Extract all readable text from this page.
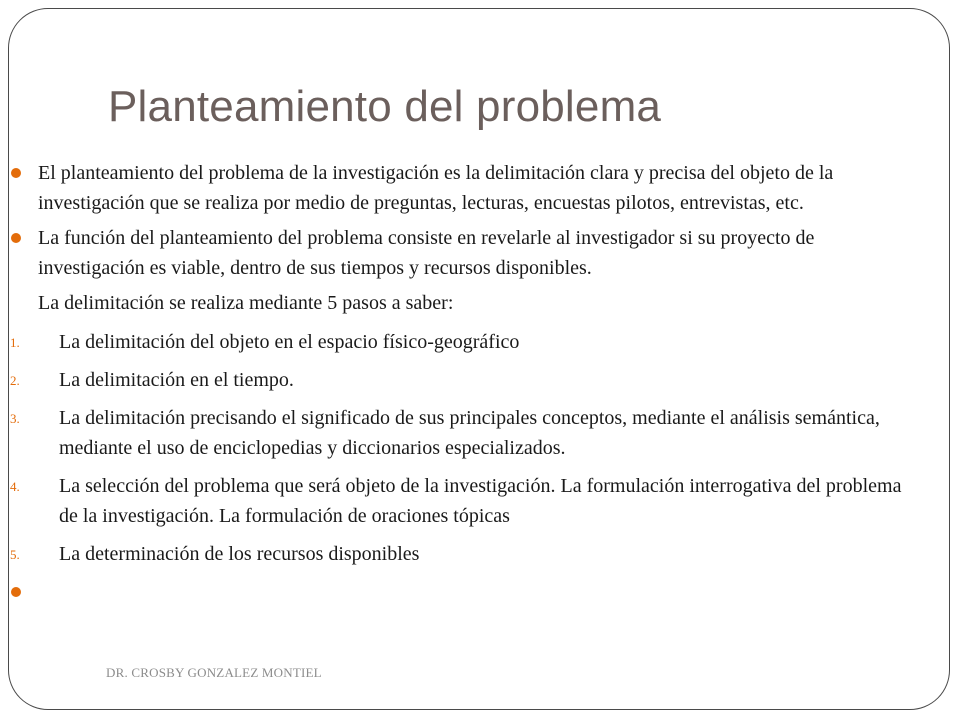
Planteamiento del problema
El planteamiento del problema de la investigación es la delimitación clara y precisa del objeto de la investigación que se realiza por medio de preguntas, lecturas, encuestas pilotos, entrevistas, etc.
La función del planteamiento del problema consiste en revelarle al investigador si su proyecto de investigación es viable, dentro de sus tiempos y recursos disponibles.
La delimitación se realiza mediante 5 pasos a saber:
1. La delimitación del objeto en el espacio físico-geográfico
2. La delimitación en el tiempo.
3. La delimitación precisando el significado de sus principales conceptos, mediante el análisis semántica, mediante el uso de enciclopedias y diccionarios especializados.
4. La selección del problema que será objeto de la investigación. La formulación interrogativa del problema de la investigación. La formulación de oraciones tópicas
5. La determinación de los recursos disponibles
DR. CROSBY GONZALEZ MONTIEL
